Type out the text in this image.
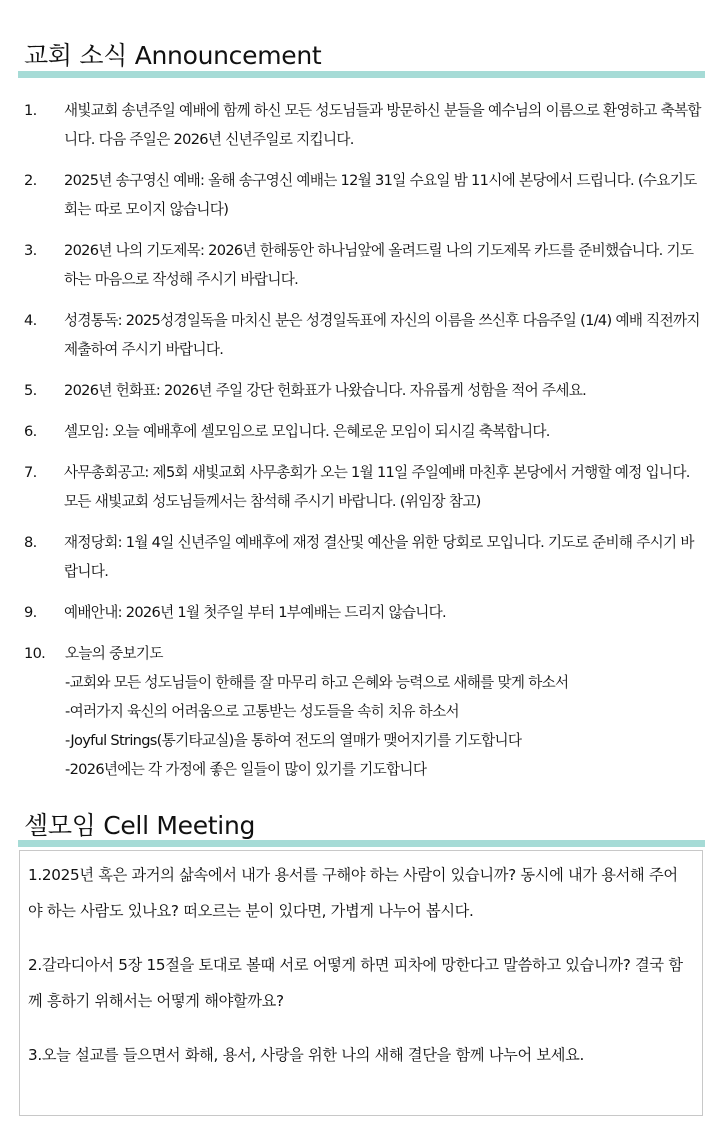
교회 소식 Announcement
1.	새빛교회 송년주일 예배에 함께 하신 모든 성도님들과 방문하신 분들을 예수님의 이름으로 환영하고 축복합니다. 다음 주일은 2026년 신년주일로 지킵니다.
2.	2025년 송구영신 예배: 올해 송구영신 예배는 12월 31일 수요일 밤 11시에 본당에서 드립니다. (수요기도회는 따로 모이지 않습니다)
3.	2026년 나의 기도제목: 2026년 한해동안 하나님앞에 올려드릴 나의 기도제목 카드를 준비했습니다. 기도하는 마음으로 작성해 주시기 바랍니다.
4.	성경통독: 2025성경일독을 마치신 분은 성경일독표에 자신의 이름을 쓰신후 다음주일 (1/4) 예배 직전까지 제출하여 주시기 바랍니다.
5.	2026년 헌화표: 2026년 주일 강단 헌화표가 나왔습니다. 자유롭게 성함을 적어 주세요.
6.	셀모임: 오늘 예배후에 셀모임으로 모입니다. 은혜로운 모임이 되시길 축복합니다.
7.	사무총회공고: 제5회 새빛교회 사무총회가 오는 1월 11일 주일예배 마친후 본당에서 거행할 예정 입니다. 모든 새빛교회 성도님들께서는 참석해 주시기 바랍니다. (위임장 참고)
8.	재정당회: 1월 4일 신년주일 예배후에 재정 결산및 예산을 위한 당회로 모입니다. 기도로 준비해 주시기 바랍니다.
9.	예배안내: 2026년 1월 첫주일 부터 1부예배는 드리지 않습니다.
10.	오늘의 중보기도
-교회와 모든 성도님들이 한해를 잘 마무리 하고 은혜와 능력으로 새해를 맞게 하소서
-여러가지 육신의 어려움으로 고통받는 성도들을 속히 치유 하소서
-Joyful Strings(통기타교실)을 통하여 전도의 열매가 맺어지기를 기도합니다
-2026년에는 각 가정에 좋은 일들이 많이 있기를 기도합니다
셀모임 Cell Meeting

1.2025년 혹은 과거의 삶속에서 내가 용서를 구해야 하는 사람이 있습니까? 동시에 내가 용서해 주어야 하는 사람도 있나요? 떠오르는 분이 있다면, 가볍게 나누어 봅시다.

2.갈라디아서 5장 15절을 토대로 볼때 서로 어떻게 하면 피차에 망한다고 말씀하고 있습니까? 결국 함께 흥하기 위해서는 어떻게 해야할까요?

3.오늘 설교를 들으면서 화해, 용서, 사랑을 위한 나의 새해 결단을 함께 나누어 보세요.
